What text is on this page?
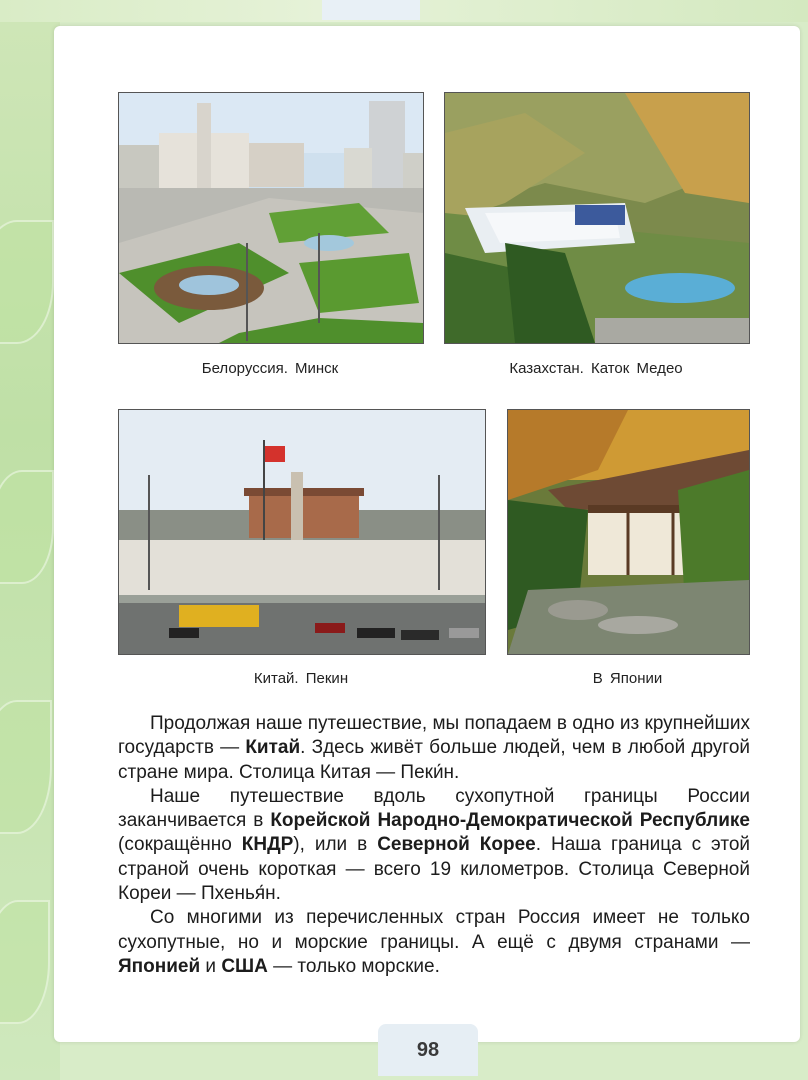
Белоруссия. Минск	Казахстан. Каток Медео
Китай. Пекин	В Японии

Продолжая наше путешествие, мы попадаем в одно из крупнейших государств — Китай. Здесь живёт больше людей, чем в любой другой стране мира. Столица Китая — Пеки́н.

Наше путешествие вдоль сухопутной границы России заканчивается в Корейской Народно-Демократической Республике (сокращённо КНДР), или в Северной Корее. Наша граница с этой страной очень короткая — всего 19 километров. Столица Северной Кореи — Пхенья́н.

Со многими из перечисленных стран Россия имеет не только сухопутные, но и морские границы. А ещё с двумя странами — Японией и США — только морские.

98
